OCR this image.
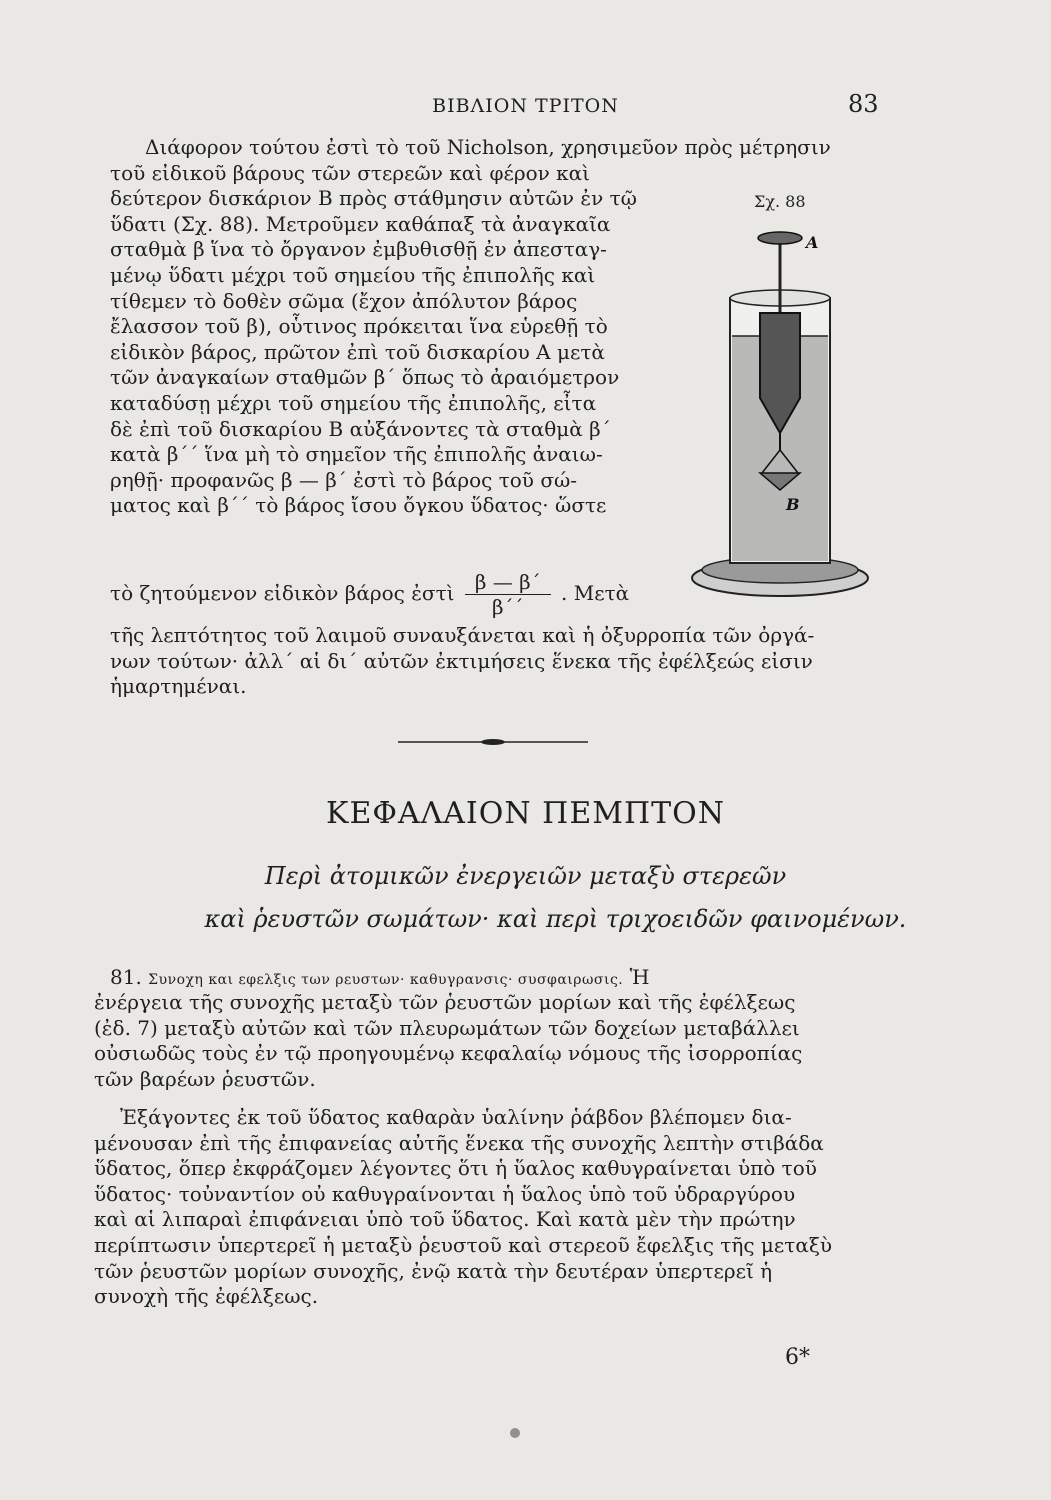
ΒΙΒΛΙΟΝ ΤΡΙΤΟΝ	83
Διάφορον τούτου ἐστὶ τὸ τοῦ Nicholson, χρησιμεῦον πρὸς μέτρησιν
τοῦ εἰδικοῦ βάρους τῶν στερεῶν καὶ φέρον καὶ
δεύτερον δισκάριον Β πρὸς στάθμησιν αὐτῶν ἐν τῷ
ὕδατι (Σχ. 88). Μετροῦμεν καθάπαξ τὰ ἀναγκαῖα
σταθμὰ β ἵνα τὸ ὄργανον ἐμβυθισθῇ ἐν ἀπεσταγ-
μένῳ ὕδατι μέχρι τοῦ σημείου τῆς ἐπιπολῆς καὶ
τίθεμεν τὸ δοθὲν σῶμα (ἔχον ἀπόλυτον βάρος
ἔλασσον τοῦ β), οὗτινος πρόκειται ἵνα εὑρεθῇ τὸ
εἰδικὸν βάρος, πρῶτον ἐπὶ τοῦ δισκαρίου Α μετὰ
τῶν ἀναγκαίων σταθμῶν β΄ ὅπως τὸ ἀραιόμετρον
καταδύσῃ μέχρι τοῦ σημείου τῆς ἐπιπολῆς, εἶτα
δὲ ἐπὶ τοῦ δισκαρίου Β αὐξάνοντες τὰ σταθμὰ β΄
κατὰ β΄΄ ἵνα μὴ τὸ σημεῖον τῆς ἐπιπολῆς ἀναιω-
ρηθῇ· προφανῶς β — β΄ ἐστὶ τὸ βάρος τοῦ σώ-
ματος καὶ β΄΄ τὸ βάρος ἴσου ὄγκου ὕδατος· ὥστε
τὸ ζητούμενον εἰδικὸν βάρος ἐστὶ $\frac{\beta — \beta΄}{\beta΄΄}$ . Μετὰ
τῆς λεπτότητος τοῦ λαιμοῦ συναυξάνεται καὶ ἡ ὀξυρροπία τῶν ὀργά-
νων τούτων· ἀλλ΄ αἱ δι΄ αὐτῶν ἐκτιμήσεις ἕνεκα τῆς ἐφέλξεώς εἰσιν
ἡμαρτημέναι.
Σχ. 88
A
B
ΚΕΦΑΛΑΙΟΝ ΠΕΜΠΤΟΝ
Περὶ ἀτομικῶν ἐνεργειῶν μεταξὺ στερεῶν
καὶ ῥευστῶν σωμάτων· καὶ περὶ τριχοειδῶν φαινομένων.
81. Συνοχη και εφελξις των ρευστων· καθυγρανσις· συσφαιρωσις. Ἡ
ἐνέργεια τῆς συνοχῆς μεταξὺ τῶν ῥευστῶν μορίων καὶ τῆς ἐφέλξεως
(ἐδ. 7) μεταξὺ αὐτῶν καὶ τῶν πλευρωμάτων τῶν δοχείων μεταβάλλει
οὐσιωδῶς τοὺς ἐν τῷ προηγουμένῳ κεφαλαίῳ νόμους τῆς ἰσορροπίας
τῶν βαρέων ῥευστῶν.
Ἐξάγοντες ἐκ τοῦ ὕδατος καθαρὰν ὑαλίνην ῥάβδον βλέπομεν δια-
μένουσαν ἐπὶ τῆς ἐπιφανείας αὐτῆς ἕνεκα τῆς συνοχῆς λεπτὴν στιβάδα
ὕδατος, ὅπερ ἐκφράζομεν λέγοντες ὅτι ἡ ὕαλος καθυγραίνεται ὑπὸ τοῦ
ὕδατος· τοὐναντίον οὐ καθυγραίνονται ἡ ὕαλος ὑπὸ τοῦ ὑδραργύρου
καὶ αἱ λιπαραὶ ἐπιφάνειαι ὑπὸ τοῦ ὕδατος. Καὶ κατὰ μὲν τὴν πρώτην
περίπτωσιν ὑπερτερεῖ ἡ μεταξὺ ῥευστοῦ καὶ στερεοῦ ἔφελξις τῆς μεταξὺ
τῶν ῥευστῶν μορίων συνοχῆς, ἐνῷ κατὰ τὴν δευτέραν ὑπερτερεῖ ἡ
συνοχὴ τῆς ἐφέλξεως.
6*
